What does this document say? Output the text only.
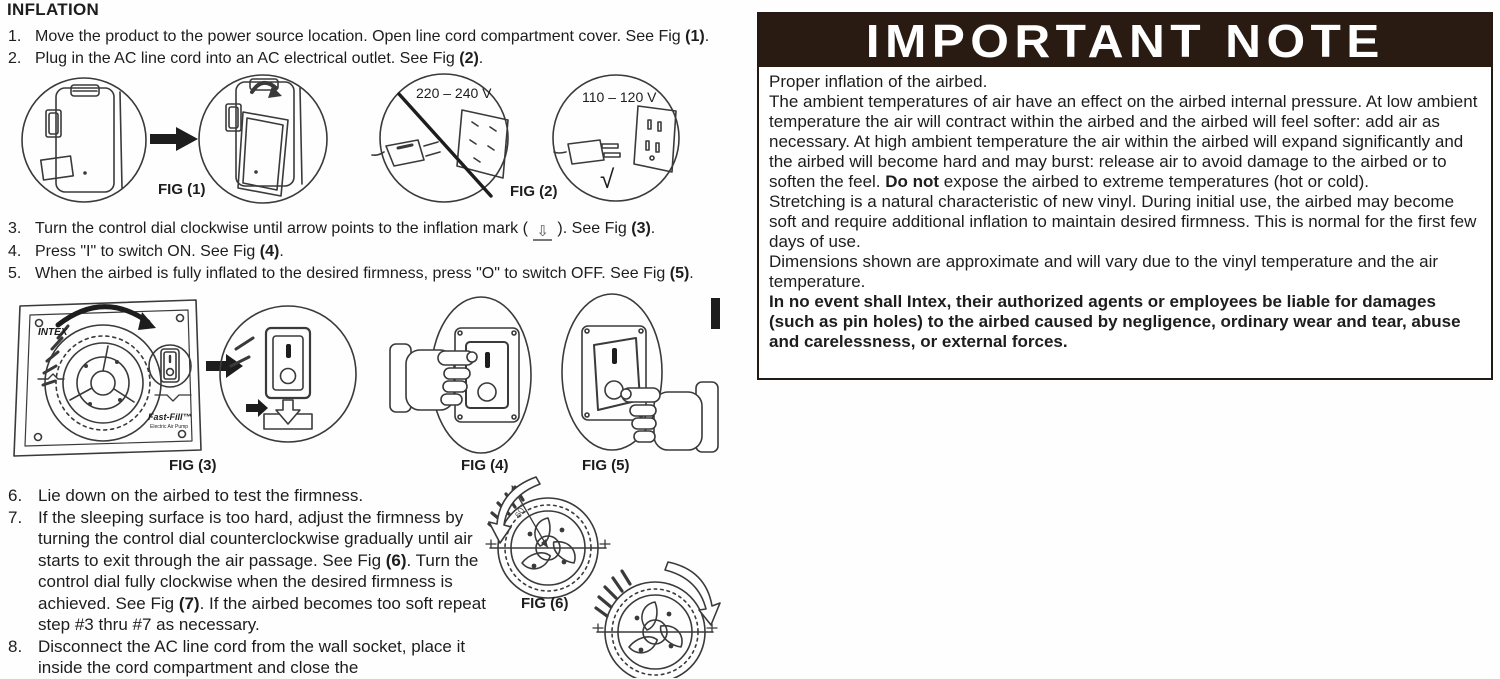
INFLATION
INTEX
Fast-Fill™
Electric Air Pump
60°
√
1. Move the product to the power source location. Open line cord compartment cover. See Fig (1).
2. Plug in the AC line cord into an AC electrical outlet. See Fig (2).
3. Turn the control dial clockwise until arrow points to the inflation mark ( ⇩ ). See Fig (3).
4. Press "I" to switch ON. See Fig (4).
5. When the airbed is fully inflated to the desired firmness, press "O" to switch OFF. See Fig (5).
6. Lie down on the airbed to test the firmness.
7. If the sleeping surface is too hard, adjust the firmness by turning the control dial counterclockwise gradually until air starts to exit through the air passage. See Fig (6). Turn the control dial fully clockwise when the desired firmness is achieved. See Fig (7). If the airbed becomes too soft repeat step #3 thru #7 as necessary.
8. Disconnect the AC line cord from the wall socket, place it inside the cord compartment and close the
FIG (1)	FIG (2)
FIG (3)	FIG (4)	FIG (5)
FIG (6)
220 – 240 V	110 – 120 V
IMPORTANT NOTE
Proper inflation of the airbed.
The ambient temperatures of air have an effect on the airbed internal pressure. At low ambient temperature the air will contract within the airbed and the airbed will feel softer: add air as necessary. At high ambient temperature the air within the airbed will expand significantly and the airbed will become hard and may burst: release air to avoid damage to the airbed or to soften the feel. Do not expose the airbed to extreme temperatures (hot or cold).
Stretching is a natural characteristic of new vinyl. During initial use, the airbed may become soft and require additional inflation to maintain desired firmness. This is normal for the first few days of use.
Dimensions shown are approximate and will vary due to the vinyl temperature and the air temperature.
In no event shall Intex, their authorized agents or employees be liable for damages (such as pin holes) to the airbed caused by negligence, ordinary wear and tear, abuse and carelessness, or external forces.
